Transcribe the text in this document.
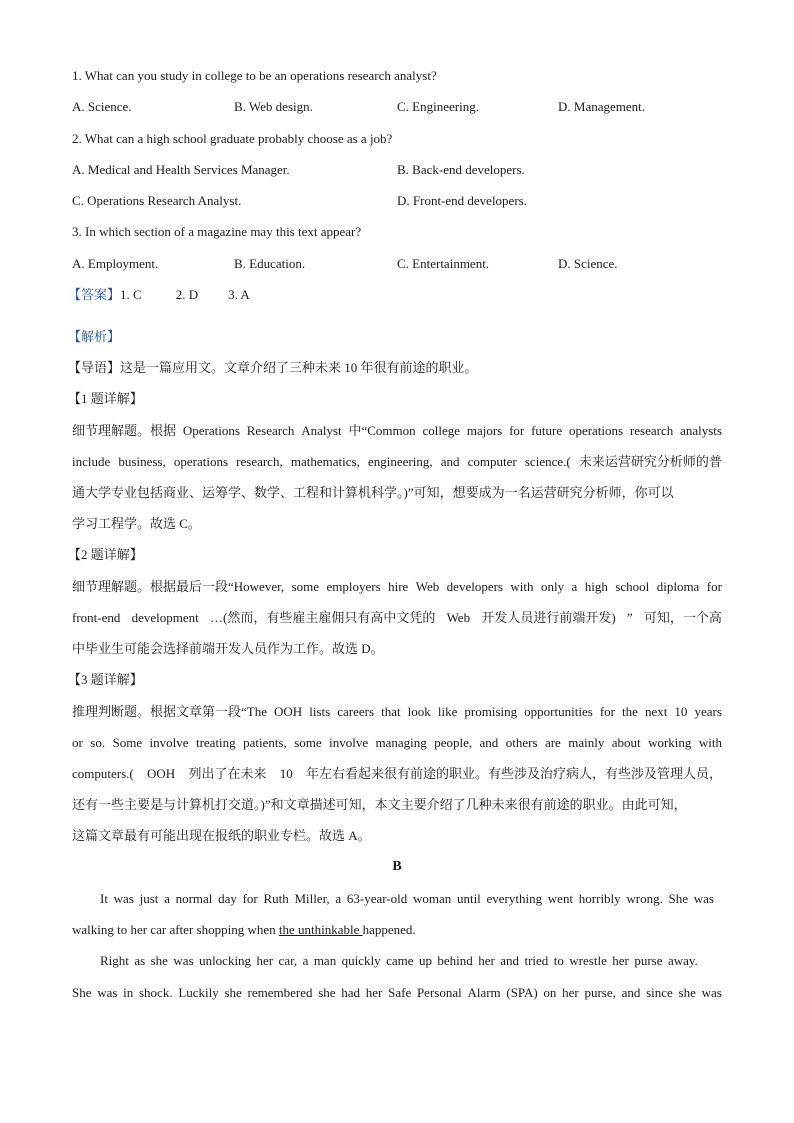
1. What can you study in college to be an operations research analyst?
A. Science.	B. Web design.	C. Engineering.	D. Management.
2. What can a high school graduate probably choose as a job?
A. Medical and Health Services Manager.	B. Back-end developers.
C. Operations Research Analyst.	D. Front-end developers.
3. In which section of a magazine may this text appear?
A. Employment.	B. Education.	C. Entertainment.	D. Science.
【答案】1. C	2. D 3. A
【解析】
【导语】这是一篇应用文。文章介绍了三种未来 10 年很有前途的职业。
【1 题详解】
细节理解题。根据 Operations Research Analyst 中“Common college majors for future operations research analysts
include business, operations research, mathematics, engineering, and computer science.( 未来运营研究分析师的普
通大学专业包括商业、运筹学、数学、工程和计算机科学。)”可知，想要成为一名运营研究分析师，你可以
学习工程学。故选 C。
【2 题详解】
细节理解题。根据最后一段“However, some employers hire Web developers with only a high school diploma for
front-end development …(然而，有些雇主雇佣只有高中文凭的 Web 开发人员进行前端开发) ” 可知，一个高
中毕业生可能会选择前端开发人员作为工作。故选 D。
【3 题详解】
推理判断题。根据文章第一段“The OOH lists careers that look like promising opportunities for the next 10 years
or so. Some involve treating patients, some involve managing people, and others are mainly about working with
computers.( OOH 列出了在未来 10 年左右看起来很有前途的职业。有些涉及治疗病人，有些涉及管理人员，
还有一些主要是与计算机打交道。)”和文章描述可知，本文主要介绍了几种未来很有前途的职业。由此可知，
这篇文章最有可能出现在报纸的职业专栏。故选 A。
B
It was just a normal day for Ruth Miller, a 63-year-old woman until everything went horribly wrong. She was
walking to her car after shopping when the unthinkable happened.
Right as she was unlocking her car, a man quickly came up behind her and tried to wrestle her purse away.
She was in shock. Luckily she remembered she had her Safe Personal Alarm (SPA) on her purse, and since she was
